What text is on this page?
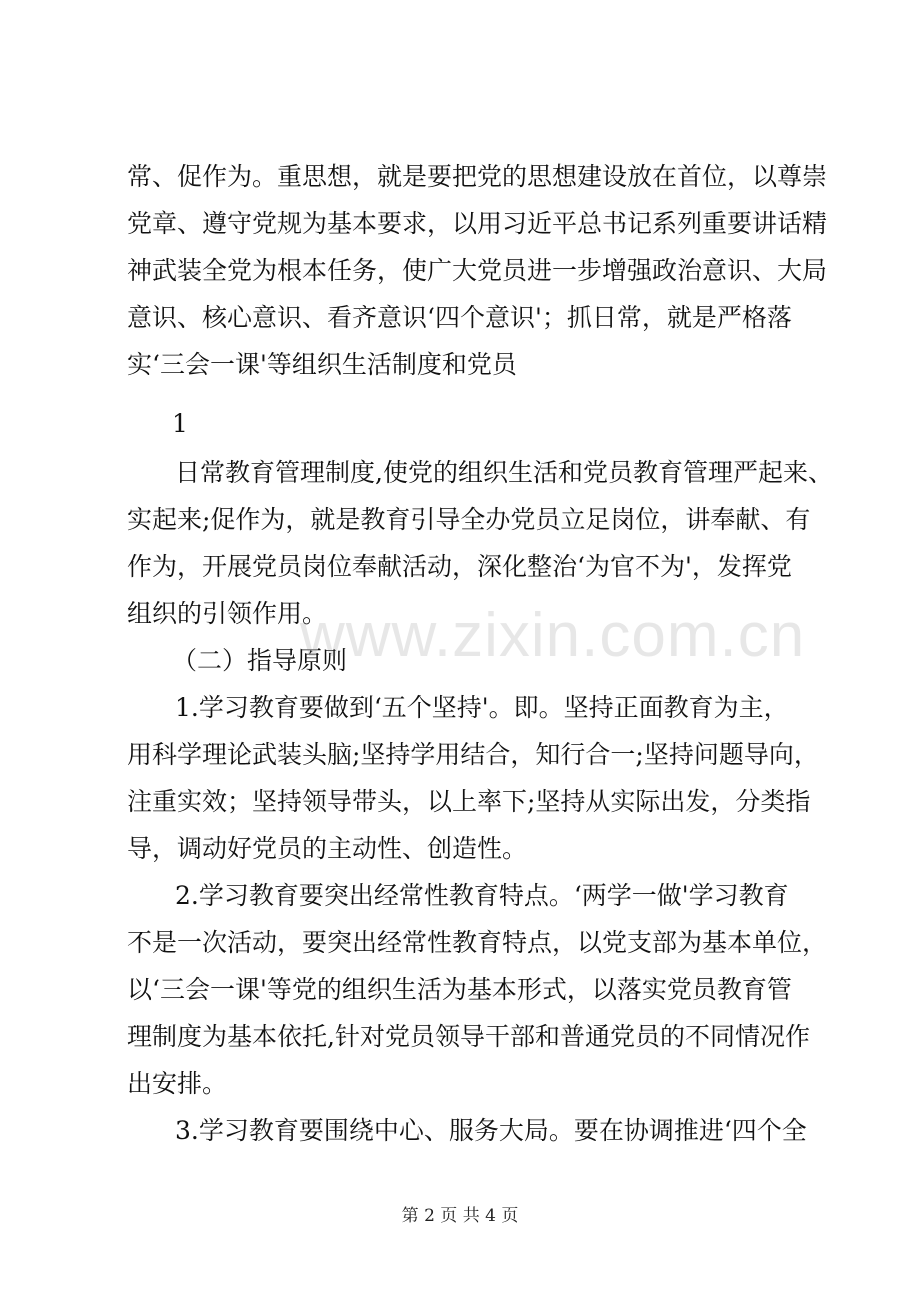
常、促作为。重思想，就是要把党的思想建设放在首位，以尊崇
党章、遵守党规为基本要求，以用习近平总书记系列重要讲话精
神武装全党为根本任务，使广大党员进一步增强政治意识、大局
意识、核心意识、看齐意识‘四个意识'；抓日常，就是严格落
实‘三会一课'等组织生活制度和党员
1
日常教育管理制度,使党的组织生活和党员教育管理严起来、
实起来;促作为，就是教育引导全办党员立足岗位，讲奉献、有
作为，开展党员岗位奉献活动，深化整治‘为官不为'，发挥党
组织的引领作用。
（二）指导原则
1.学习教育要做到‘五个坚持'。即。坚持正面教育为主，
用科学理论武装头脑;坚持学用结合，知行合一;坚持问题导向，
注重实效；坚持领导带头，以上率下;坚持从实际出发，分类指
导，调动好党员的主动性、创造性。
2.学习教育要突出经常性教育特点。‘两学一做'学习教育
不是一次活动，要突出经常性教育特点，以党支部为基本单位，
以‘三会一课'等党的组织生活为基本形式，以落实党员教育管
理制度为基本依托,针对党员领导干部和普通党员的不同情况作
出安排。
3.学习教育要围绕中心、服务大局。要在协调推进‘四个全
www.zixin.com.cn
第 2 页 共 4 页
